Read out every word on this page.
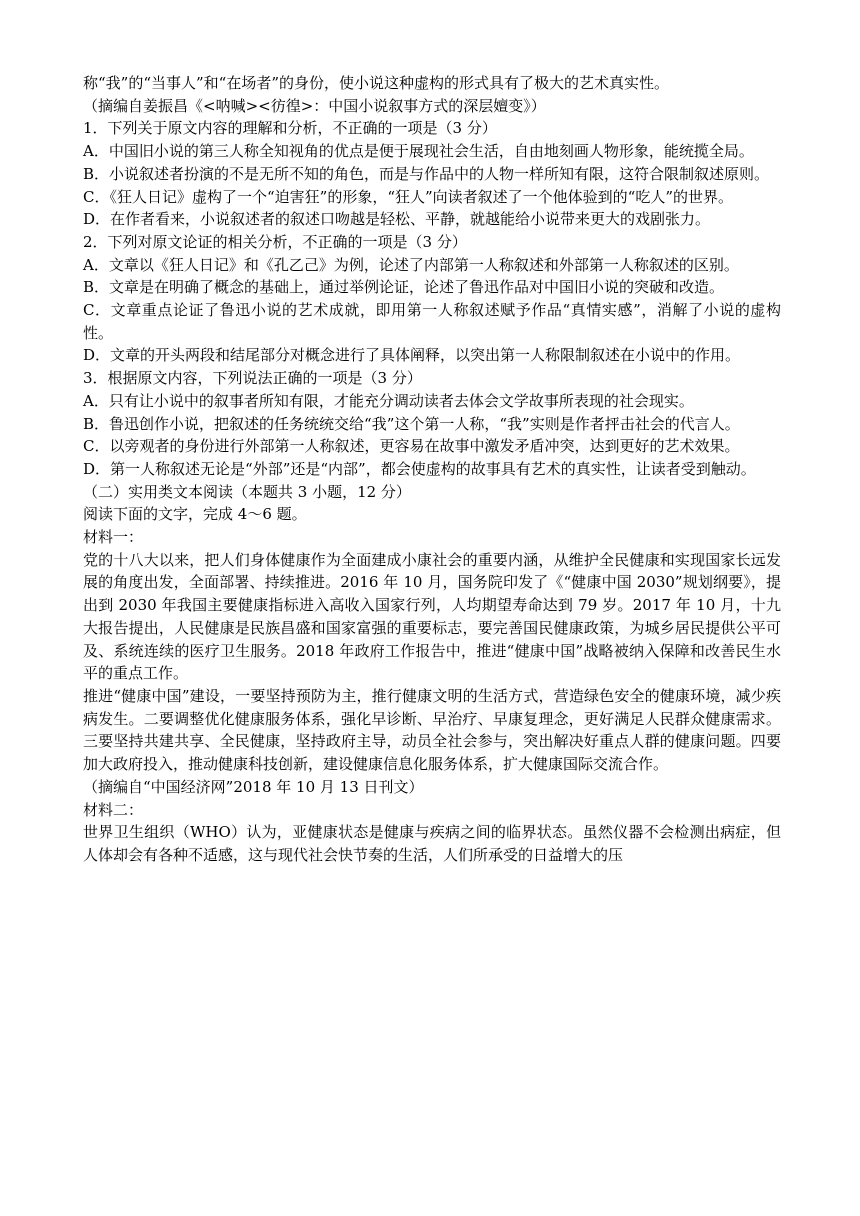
称“我”的“当事人”和“在场者”的身份，使小说这种虚构的形式具有了极大的艺术真实性。

（摘编自姜振昌《<呐喊><彷徨>：中国小说叙事方式的深层嬗变》）

1．下列关于原文内容的理解和分析，不正确的一项是（3 分）

A．中国旧小说的第三人称全知视角的优点是便于展现社会生活，自由地刻画人物形象，能统揽全局。

B．小说叙述者扮演的不是无所不知的角色，而是与作品中的人物一样所知有限，这符合限制叙述原则。

C．《狂人日记》虚构了一个“迫害狂”的形象，“狂人”向读者叙述了一个他体验到的“吃人”的世界。

D．在作者看来，小说叙述者的叙述口吻越是轻松、平静，就越能给小说带来更大的戏剧张力。

2．下列对原文论证的相关分析，不正确的一项是（3 分）

A．文章以《狂人日记》和《孔乙己》为例，论述了内部第一人称叙述和外部第一人称叙述的区别。

B．文章是在明确了概念的基础上，通过举例论证，论述了鲁迅作品对中国旧小说的突破和改造。

C．文章重点论证了鲁迅小说的艺术成就，即用第一人称叙述赋予作品“真情实感”，消解了小说的虚构性。

D．文章的开头两段和结尾部分对概念进行了具体阐释，以突出第一人称限制叙述在小说中的作用。

3．根据原文内容，下列说法正确的一项是（3 分）

A．只有让小说中的叙事者所知有限，才能充分调动读者去体会文学故事所表现的社会现实。

B．鲁迅创作小说，把叙述的任务统统交给“我”这个第一人称，“我”实则是作者抨击社会的代言人。

C．以旁观者的身份进行外部第一人称叙述，更容易在故事中激发矛盾冲突，达到更好的艺术效果。

D．第一人称叙述无论是“外部”还是“内部”，都会使虚构的故事具有艺术的真实性，让读者受到触动。

（二）实用类文本阅读（本题共 3 小题，12 分）

阅读下面的文字，完成 4～6 题。

材料一：

党的十八大以来，把人们身体健康作为全面建成小康社会的重要内涵，从维护全民健康和实现国家长远发展的角度出发，全面部署、持续推进。2016 年 10 月，国务院印发了《“健康中国 2030”规划纲要》，提出到 2030 年我国主要健康指标进入高收入国家行列，人均期望寿命达到 79 岁。2017 年 10 月，十九大报告提出，人民健康是民族昌盛和国家富强的重要标志，要完善国民健康政策，为城乡居民提供公平可及、系统连续的医疗卫生服务。2018 年政府工作报告中，推进“健康中国”战略被纳入保障和改善民生水平的重点工作。

推进“健康中国”建设，一要坚持预防为主，推行健康文明的生活方式，营造绿色安全的健康环境，减少疾病发生。二要调整优化健康服务体系，强化早诊断、早治疗、早康复理念，更好满足人民群众健康需求。三要坚持共建共享、全民健康，坚持政府主导，动员全社会参与，突出解决好重点人群的健康问题。四要加大政府投入，推动健康科技创新，建设健康信息化服务体系，扩大健康国际交流合作。

（摘编自“中国经济网”2018 年 10 月 13 日刊文）

材料二：

世界卫生组织（WHO）认为，亚健康状态是健康与疾病之间的临界状态。虽然仪器不会检测出病症，但人体却会有各种不适感，这与现代社会快节奏的生活，人们所承受的日益增大的压
